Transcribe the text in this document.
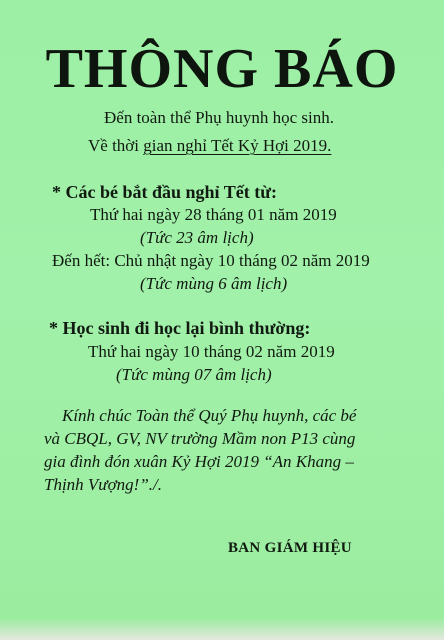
THÔNG BÁO
Đến toàn thể Phụ huynh học sinh.
Về thời gian nghỉ Tết Kỷ Hợi 2019.
* Các bé bắt đầu nghỉ Tết từ:
Thứ hai ngày 28 tháng 01 năm 2019
(Tức 23 âm lịch)
Đến hết: Chủ nhật ngày 10 tháng 02 năm 2019
(Tức mùng 6 âm lịch)
* Học sinh đi học lại bình thường:
Thứ hai ngày 10 tháng 02 năm 2019
(Tức mùng 07 âm lịch)
Kính chúc Toàn thể Quý Phụ huynh, các bé
và CBQL, GV, NV trường Mầm non P13 cùng
gia đình đón xuân Kỷ Hợi 2019 “An Khang –
Thịnh Vượng!”./.
BAN GIÁM HIỆU
